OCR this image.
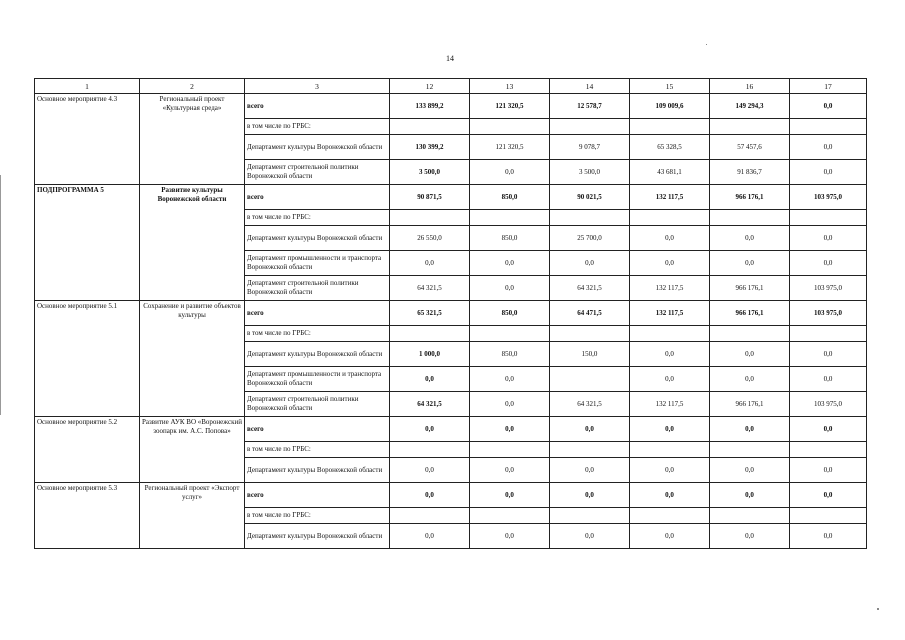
14
1	2	3	12	13	14	15	16	17
Основное мероприятие 4.3	Региональный проект «Культурная среда»	всего	133 899,2	121 320,5	12 578,7	109 009,6	149 294,3	0,0
		в том числе по ГРБС:						
		Департамент культуры Воронежской области	130 399,2	121 320,5	9 078,7	65 328,5	57 457,6	0,0
		Департамент строительной политики Воронежской области	3 500,0	0,0	3 500,0	43 681,1	91 836,7	0,0
ПОДПРОГРАММА 5	Развитие культуры Воронежской области	всего	90 871,5	850,0	90 021,5	132 117,5	966 176,1	103 975,0
		в том числе по ГРБС:						
		Департамент культуры Воронежской области	26 550,0	850,0	25 700,0	0,0	0,0	0,0
		Департамент промышленности и транспорта Воронежской области	0,0	0,0	0,0	0,0	0,0	0,0
		Департамент строительной политики Воронежской области	64 321,5	0,0	64 321,5	132 117,5	966 176,1	103 975,0
Основное мероприятие 5.1	Сохранение и развитие объектов культуры	всего	65 321,5	850,0	64 471,5	132 117,5	966 176,1	103 975,0
		в том числе по ГРБС:						
		Департамент культуры Воронежской области	1 000,0	850,0	150,0	0,0	0,0	0,0
		Департамент промышленности и транспорта Воронежской области	0,0	0,0		0,0	0,0	0,0
		Департамент строительной политики Воронежской области	64 321,5	0,0	64 321,5	132 117,5	966 176,1	103 975,0
Основное мероприятие 5.2	Развитие АУК ВО «Воронежский зоопарк им. А.С. Попова»	всего	0,0	0,0	0,0	0,0	0,0	0,0
		в том числе по ГРБС:						
		Департамент культуры Воронежской области	0,0	0,0	0,0	0,0	0,0	0,0
Основное мероприятие 5.3	Региональный проект «Экспорт услуг»	всего	0,0	0,0	0,0	0,0	0,0	0,0
		в том числе по ГРБС:						
		Департамент культуры Воронежской области	0,0	0,0	0,0	0,0	0,0	0,0
